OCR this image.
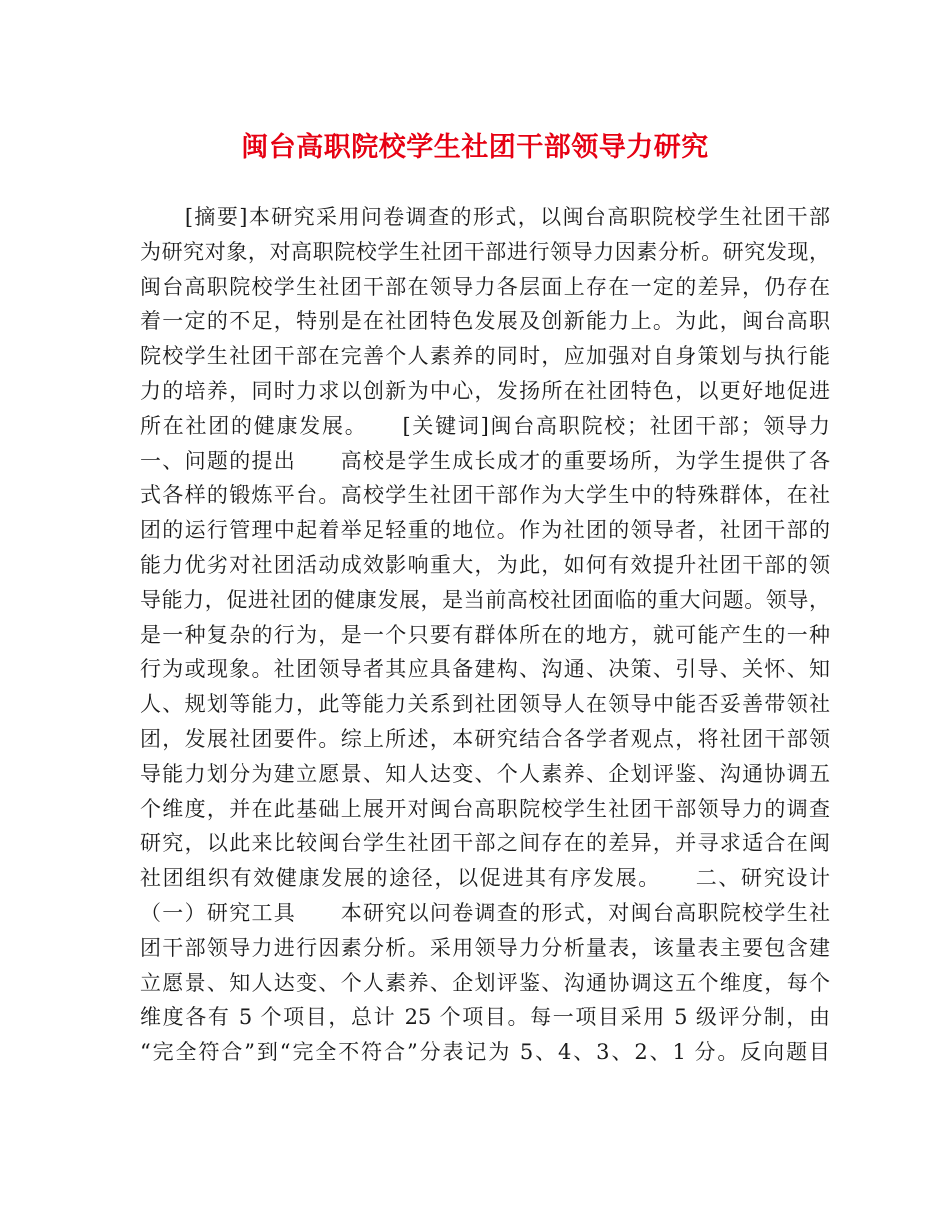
闽台高职院校学生社团干部领导力研究
　　[摘要]本研究采用问卷调查的形式，以闽台高职院校学生社团干部
为研究对象，对高职院校学生社团干部进行领导力因素分析。研究发现，
闽台高职院校学生社团干部在领导力各层面上存在一定的差异，仍存在
着一定的不足，特别是在社团特色发展及创新能力上。为此，闽台高职
院校学生社团干部在完善个人素养的同时，应加强对自身策划与执行能
力的培养，同时力求以创新为中心，发扬所在社团特色，以更好地促进
所在社团的健康发展。　　[关键词]闽台高职院校；社团干部；领导力
一、问题的提出　　高校是学生成长成才的重要场所，为学生提供了各
式各样的锻炼平台。高校学生社团干部作为大学生中的特殊群体，在社
团的运行管理中起着举足轻重的地位。作为社团的领导者，社团干部的
能力优劣对社团活动成效影响重大，为此，如何有效提升社团干部的领
导能力，促进社团的健康发展，是当前高校社团面临的重大问题。领导，
是一种复杂的行为，是一个只要有群体所在的地方，就可能产生的一种
行为或现象。社团领导者其应具备建构、沟通、决策、引导、关怀、知
人、规划等能力，此等能力关系到社团领导人在领导中能否妥善带领社
团，发展社团要件。综上所述，本研究结合各学者观点，将社团干部领
导能力划分为建立愿景、知人达变、个人素养、企划评鉴、沟通协调五
个维度，并在此基础上展开对闽台高职院校学生社团干部领导力的调查
研究，以此来比较闽台学生社团干部之间存在的差异，并寻求适合在闽
社团组织有效健康发展的途径，以促进其有序发展。　　二、研究设计
（一）研究工具　　本研究以问卷调查的形式，对闽台高职院校学生社
团干部领导力进行因素分析。采用领导力分析量表，该量表主要包含建
立愿景、知人达变、个人素养、企划评鉴、沟通协调这五个维度，每个
维度各有 5 个项目，总计 25 个项目。每一项目采用 5 级评分制，由
“完全符合”到“完全不符合”分表记为 5、4、3、2、1 分。反向题目
